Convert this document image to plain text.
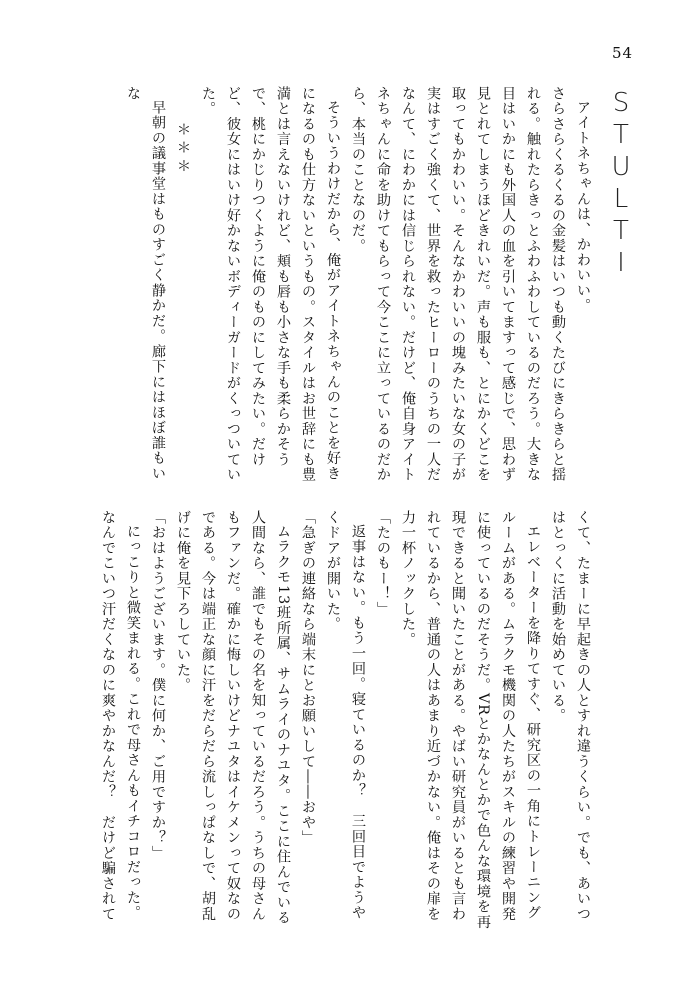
54
STULTI

アイトネちゃんは、かわいい。

さらさらくるくるの金髪はいつも動くたびにきらきらと揺れる。触れたらきっとふわふわしているのだろう。大きな目はいかにも外国人の血を引いてますって感じで、思わず見とれてしまうほどきれいだ。声も服も、とにかくどこを取ってもかわいい。そんなかわいいの塊みたいな女の子が実はすごく強くて、世界を救ったヒーローのうちの一人だなんて、にわかには信じられない。だけど、俺自身アイトネちゃんに命を助けてもらって今ここに立っているのだから、本当のことなのだ。

そういうわけだから、俺がアイトネちゃんのことを好きになるのも仕方ないというもの。スタイルはお世辞にも豊満とは言えないけれど、頬も唇も小さな手も柔らかそうで、桃にかじりつくように俺のものにしてみたい。だけど、彼女にはいけ好かないボディーガードがくっついていた。

＊＊＊

早朝の議事堂はものすごく静かだ。廊下にはほぼ誰もいな

くて、たまーに早起きの人とすれ違うくらい。でも、あいつはとっくに活動を始めている。

エレベーターを降りてすぐ、研究区の一角にトレーニングルームがある。ムラクモ機関の人たちがスキルの練習や開発に使っているのだそうだ。VRとかなんとかで色んな環境を再現できると聞いたことがある。やばい研究員がいるとも言われているから、普通の人はあまり近づかない。俺はその扉を力一杯ノックした。

「たのもー！」

返事はない。もう一回。寝ているのか？　三回目でようやくドアが開いた。

「急ぎの連絡なら端末にとお願いして――おや」

ムラクモ13班所属、サムライのナユタ。ここに住んでいる人間なら、誰でもその名を知っているだろう。うちの母さんもファンだ。確かに悔しいけどナユタはイケメンって奴なのである。今は端正な顔に汗をだらだら流しっぱなしで、胡乱げに俺を見下ろしていた。

「おはようございます。僕に何か、ご用ですか？」

にっこりと微笑まれる。これで母さんもイチコロだった。なんでこいつ汗だくなのに爽やかなんだ？　だけど騙されて
